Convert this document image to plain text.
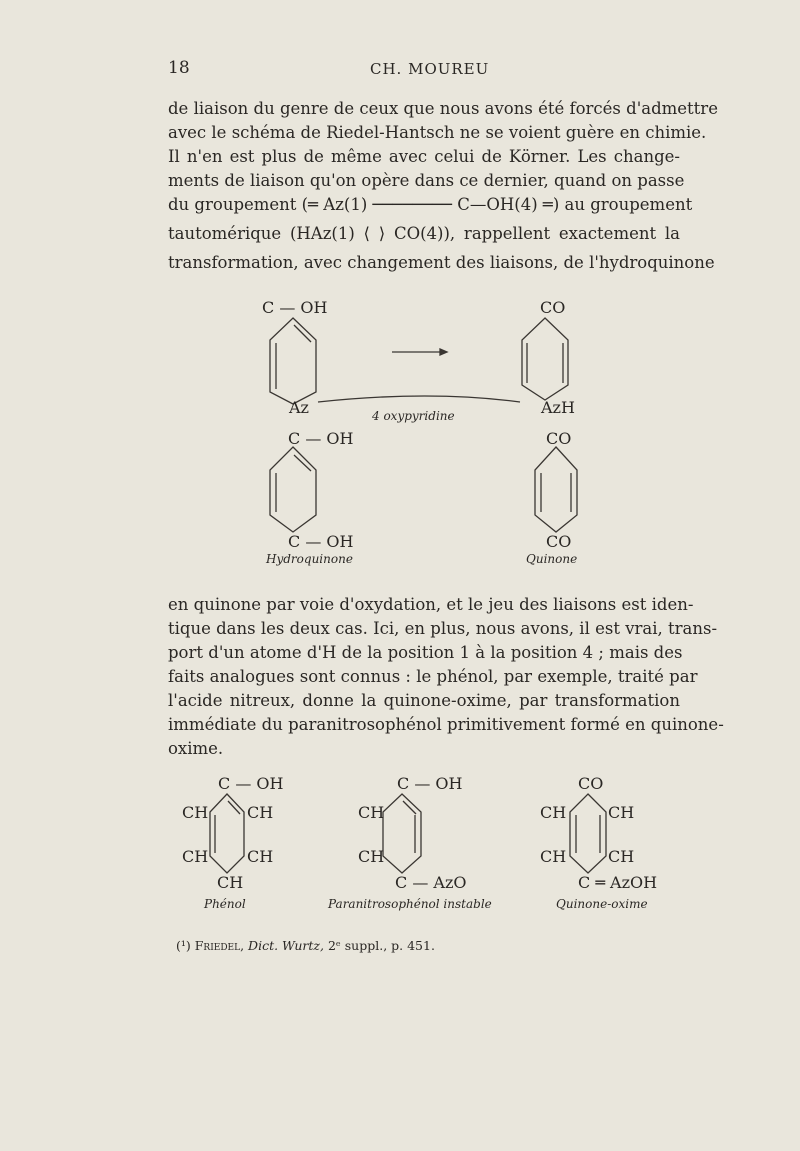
18	CH. MOUREU
de liaison du genre de ceux que nous avons été forcés d'admettre
avec le schéma de Riedel-Hantsch ne se voient guère en chimie.
Il n'en est plus de même avec celui de Körner. Les change-
ments de liaison qu'on opère dans ce dernier, quand on passe
du groupement (═ Az(1) ──────── C—OH(4) ═) au groupement
tautomérique (HAz(1) ⟨ ⟩ CO(4)), rappellent exactement la
transformation, avec changement des liaisons, de l'hydroquinone
C — OH	CO
Az	AzH
4 oxypyridine
C — OH	CO
C — OH	CO
Hydroquinone	Quinone
C — OH
CH CH
CH CH
CH
Phénol
C — OH
CH
CH
C — AzO
Paranitrosophénol instable
CO
CH	CH
CH	CH
C ═ AzOH
Quinone-oxime
en quinone par voie d'oxydation, et le jeu des liaisons est iden-
tique dans les deux cas. Ici, en plus, nous avons, il est vrai, trans-
port d'un atome d'H de la position 1 à la position 4 ; mais des
faits analogues sont connus : le phénol, par exemple, traité par
l'acide nitreux, donne la quinone-oxime, par transformation
immédiate du paranitrosophénol primitivement formé en quinone-
oxime.
(¹) Friedel, Dict. Wurtz, 2ᵉ suppl., p. 451.
